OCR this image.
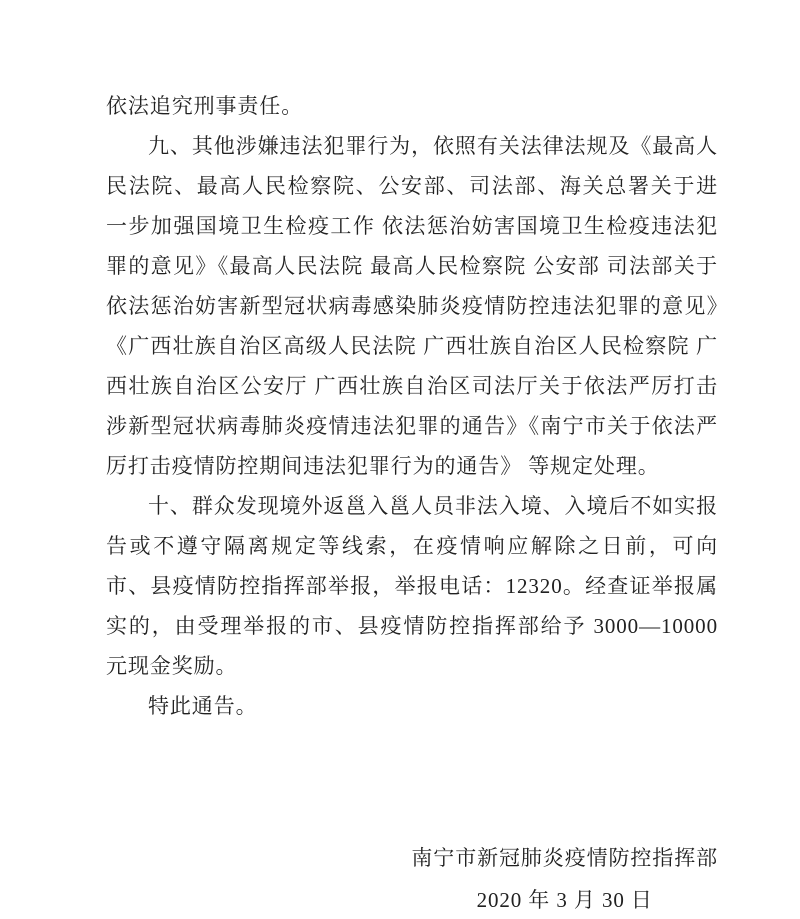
依法追究刑事责任。

九、其他涉嫌违法犯罪行为，依照有关法律法规及《最高人民法院、最高人民检察院、公安部、司法部、海关总署关于进一步加强国境卫生检疫工作 依法惩治妨害国境卫生检疫违法犯罪的意见》《最高人民法院 最高人民检察院 公安部 司法部关于依法惩治妨害新型冠状病毒感染肺炎疫情防控违法犯罪的意见》《广西壮族自治区高级人民法院 广西壮族自治区人民检察院 广西壮族自治区公安厅 广西壮族自治区司法厅关于依法严厉打击涉新型冠状病毒肺炎疫情违法犯罪的通告》《南宁市关于依法严厉打击疫情防控期间违法犯罪行为的通告》 等规定处理。

十、群众发现境外返邕入邕人员非法入境、入境后不如实报告或不遵守隔离规定等线索，在疫情响应解除之日前，可向市、县疫情防控指挥部举报，举报电话：12320。经查证举报属实的，由受理举报的市、县疫情防控指挥部给予 3000—10000 元现金奖励。

特此通告。

南宁市新冠肺炎疫情防控指挥部
2020 年 3 月 30 日
